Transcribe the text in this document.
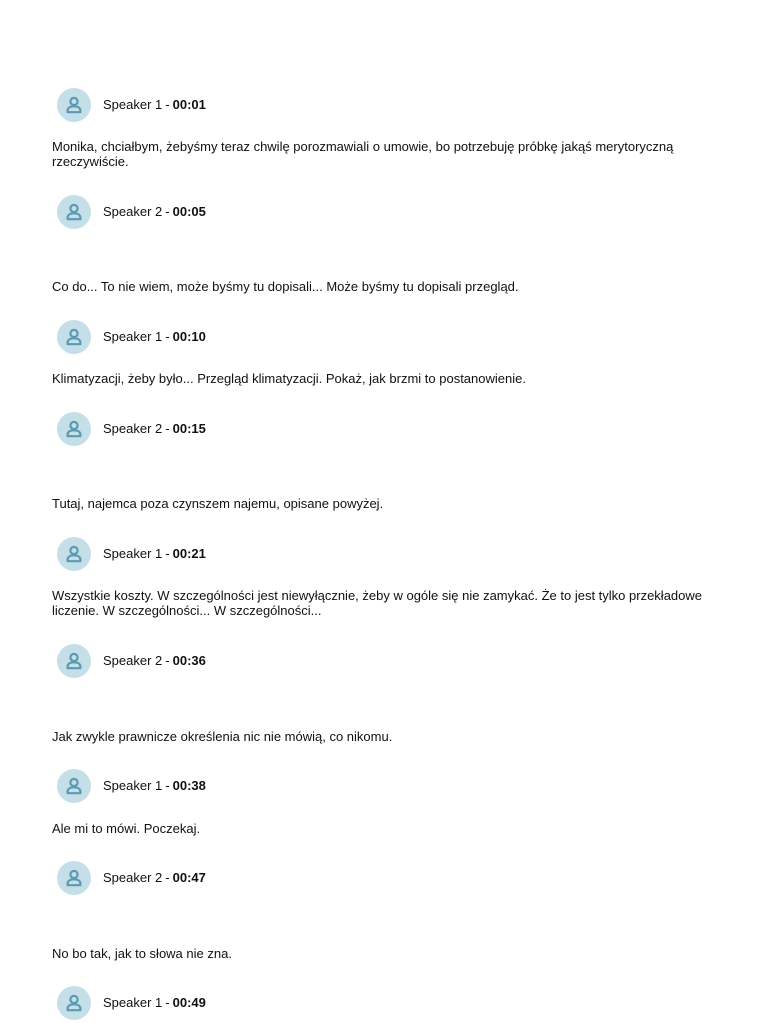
Speaker 1 - 00:01

Monika, chciałbym, żebyśmy teraz chwilę porozmawiali o umowie, bo potrzebuję próbkę jakąś merytoryczną rzeczywiście.

Speaker 2 - 00:05

Co do... To nie wiem, może byśmy tu dopisali... Może byśmy tu dopisali przegląd.

Speaker 1 - 00:10

Klimatyzacji, żeby było... Przegląd klimatyzacji. Pokaż, jak brzmi to postanowienie.

Speaker 2 - 00:15

Tutaj, najemca poza czynszem najemu, opisane powyżej.

Speaker 1 - 00:21

Wszystkie koszty. W szczególności jest niewyłącznie, żeby w ogóle się nie zamykać. Że to jest tylko przekładowe liczenie. W szczególności... W szczególności...

Speaker 2 - 00:36

Jak zwykle prawnicze określenia nic nie mówią, co nikomu.

Speaker 1 - 00:38

Ale mi to mówi. Poczekaj.

Speaker 2 - 00:47

No bo tak, jak to słowa nie zna.

Speaker 1 - 00:49
